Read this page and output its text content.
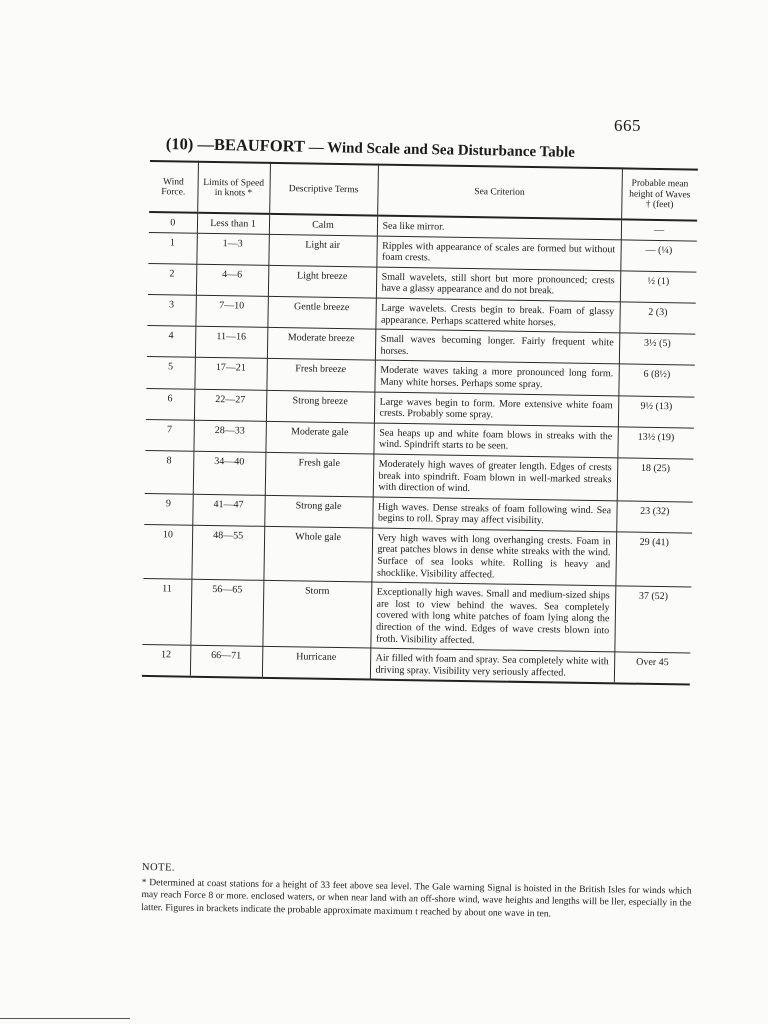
665
(10) —BEAUFORT — Wind Scale and Sea Disturbance Table
Wind Force.	Limits of Speed in knots *	Descriptive Terms	Sea Criterion	Probable mean height of Waves † (feet)
0	Less than 1	Calm	Sea like mirror.	—
1	1—3	Light air	Ripples with appearance of scales are formed but without foam crests.	— (¼)
2	4—6	Light breeze	Small wavelets, still short but more pronounced; crests have a glassy appearance and do not break.	½ (1)
3	7—10	Gentle breeze	Large wavelets. Crests begin to break. Foam of glassy appearance. Perhaps scattered white horses.	2 (3)
4	11—16	Moderate breeze	Small waves becoming longer. Fairly frequent white horses.	3½ (5)
5	17—21	Fresh breeze	Moderate waves taking a more pronounced long form. Many white horses. Perhaps some spray.	6 (8½)
6	22—27	Strong breeze	Large waves begin to form. More extensive white foam crests. Probably some spray.	9½ (13)
7	28—33	Moderate gale	Sea heaps up and white foam blows in streaks with the wind. Spindrift starts to be seen.	13½ (19)
8	34—40	Fresh gale	Moderately high waves of greater length. Edges of crests break into spindrift. Foam blown in well-marked streaks with direction of wind.	18 (25)
9	41—47	Strong gale	High waves. Dense streaks of foam following wind. Sea begins to roll. Spray may affect visibility.	23 (32)
10	48—55	Whole gale	Very high waves with long overhanging crests. Foam in great patches blows in dense white streaks with the wind. Surface of sea looks white. Rolling is heavy and shocklike. Visibility affected.	29 (41)
11	56—65	Storm	Exceptionally high waves. Small and medium-sized ships are lost to view behind the waves. Sea completely covered with long white patches of foam lying along the direction of the wind. Edges of wave crests blown into froth. Visibility affected.	37 (52)
12	66—71	Hurricane	Air filled with foam and spray. Sea completely white with driving spray. Visibility very seriously affected.	Over 45
NOTE.
* Determined at coast stations for a height of 33 feet above sea level. The Gale warning Signal is hoisted in the British Isles for winds which may reach Force 8 or more. enclosed waters, or when near land with an off-shore wind, wave heights and lengths will be ller, especially in the latter. Figures in brackets indicate the probable approximate maximum t reached by about one wave in ten.
